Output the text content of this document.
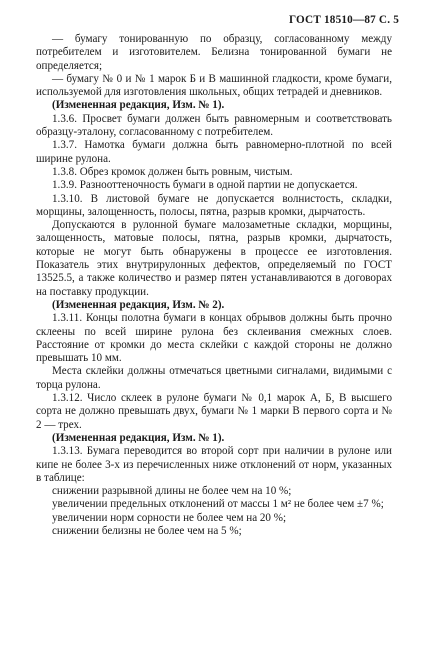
ГОСТ 18510—87 С. 5

— бумагу тонированную по образцу, согласованному между потребителем и изготовителем. Белизна тонированной бумаги не определяется;

— бумагу № 0 и № 1 марок Б и В машинной гладкости, кроме бумаги, используемой для изготовления школьных, общих тетрадей и дневников.

(Измененная редакция, Изм. № 1).

1.3.6. Просвет бумаги должен быть равномерным и соответствовать образцу-эталону, согласованному с потребителем.

1.3.7. Намотка бумаги должна быть равномерно-плотной по всей ширине рулона.

1.3.8. Обрез кромок должен быть ровным, чистым.

1.3.9. Разнооттеночность бумаги в одной партии не допускается.

1.3.10. В листовой бумаге не допускается волнистость, складки, морщины, залощенность, полосы, пятна, разрыв кромки, дырчатость.

Допускаются в рулонной бумаге малозаметные складки, морщины, залощенность, матовые полосы, пятна, разрыв кромки, дырчатость, которые не могут быть обнаружены в процессе ее изготовления. Показатель этих внутрирулонных дефектов, определяемый по ГОСТ 13525.5, а также количество и размер пятен устанавливаются в договорах на поставку продукции.

(Измененная редакция, Изм. № 2).

1.3.11. Концы полотна бумаги в концах обрывов должны быть прочно склеены по всей ширине рулона без склеивания смежных слоев. Расстояние от кромки до места склейки с каждой стороны не должно превышать 10 мм.

Места склейки должны отмечаться цветными сигналами, видимыми с торца рулона.

1.3.12. Число склеек в рулоне бумаги № 0,1 марок А, Б, В высшего сорта не должно превышать двух, бумаги № 1 марки В первого сорта и № 2 — трех.

(Измененная редакция, Изм. № 1).

1.3.13. Бумага переводится во второй сорт при наличии в рулоне или кипе не более 3-х из перечисленных ниже отклонений от норм, указанных в таблице:

снижении разрывной длины не более чем на 10 %;

увеличении предельных отклонений от массы 1 м² не более чем ±7 %;

увеличении норм сорности не более чем на 20 %;

снижении белизны не более чем на 5 %;
